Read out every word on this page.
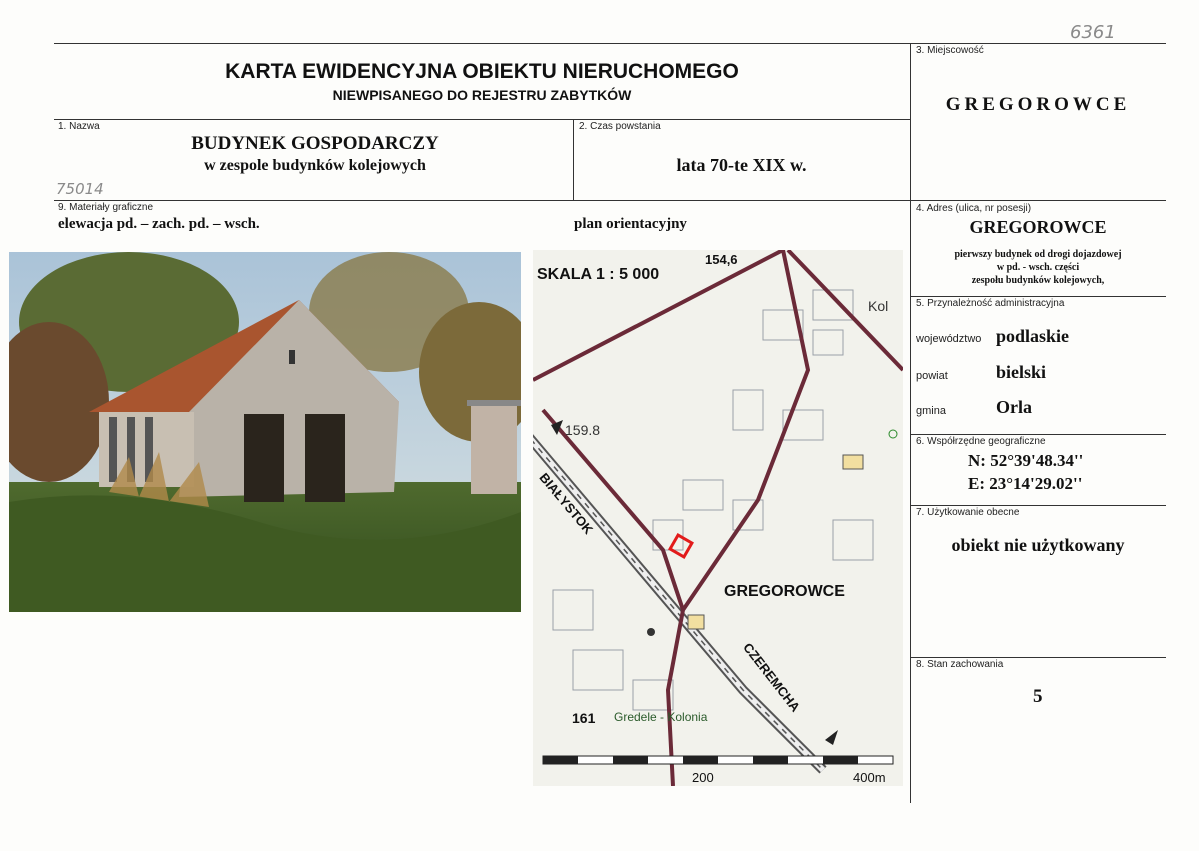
6361
75014
KARTA EWIDENCYJNA OBIEKTU NIERUCHOMEGO
NIEWPISANEGO DO REJESTRU ZABYTKÓW
1. Nazwa
BUDYNEK GOSPODARCZY
w zespole budynków kolejowych
2. Czas powstania
lata 70-te XIX w.
3. Miejscowość
GREGOROWCE
9. Materiały graficzne
elewacja pd. – zach. pd. – wsch.	plan orientacyjny
SKALA 1 : 5 000
154,6
Kol
159.8
BIAŁYSTOK
GREGOROWCE
CZEREMCHA
161 Gredele - Kolonia
200	400m
4. Adres (ulica, nr posesji)
GREGOROWCE
pierwszy budynek od drogi dojazdowej
w pd. - wsch. części
zespołu budynków kolejowych,
5. Przynależność administracyjna
województwo podlaskie
powiat	bielski
gmina	Orla
6. Współrzędne geograficzne
N: 52°39'48.34''
E: 23°14'29.02''
7. Użytkowanie obecne
obiekt nie użytkowany
8. Stan zachowania
5
